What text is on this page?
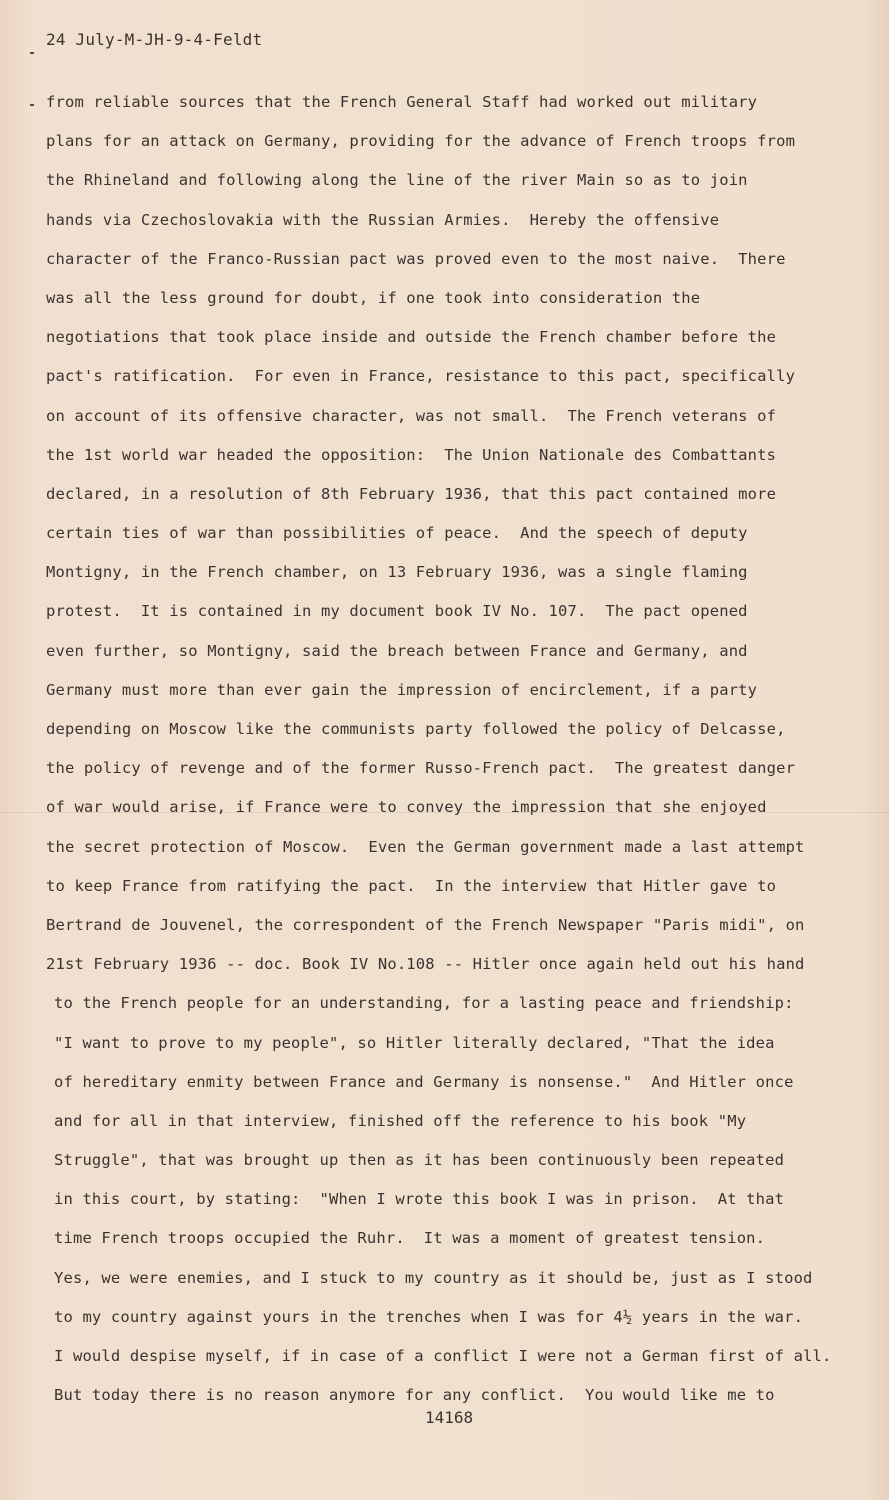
24 July-M-JH-9-4-Feldt
from reliable sources that the French General Staff had worked out military
plans for an attack on Germany, providing for the advance of French troops from
the Rhineland and following along the line of the river Main so as to join
hands via Czechoslovakia with the Russian Armies.  Hereby the offensive
character of the Franco-Russian pact was proved even to the most naive.  There
was all the less ground for doubt, if one took into consideration the
negotiations that took place inside and outside the French chamber before the
pact's ratification.  For even in France, resistance to this pact, specifically
on account of its offensive character, was not small.  The French veterans of
the 1st world war headed the opposition:  The Union Nationale des Combattants
declared, in a resolution of 8th February 1936, that this pact contained more
certain ties of war than possibilities of peace.  And the speech of deputy
Montigny, in the French chamber, on 13 February 1936, was a single flaming
protest.  It is contained in my document book IV No. 107.  The pact opened
even further, so Montigny, said the breach between France and Germany, and
Germany must more than ever gain the impression of encirclement, if a party
depending on Moscow like the communists party followed the policy of Delcasse,
the policy of revenge and of the former Russo-French pact.  The greatest danger
of war would arise, if France were to convey the impression that she enjoyed
the secret protection of Moscow.  Even the German government made a last attempt
to keep France from ratifying the pact.  In the interview that Hitler gave to
Bertrand de Jouvenel, the correspondent of the French Newspaper "Paris midi", on
21st February 1936 -- doc. Book IV No.108 -- Hitler once again held out his hand
to the French people for an understanding, for a lasting peace and friendship:
"I want to prove to my people", so Hitler literally declared, "That the idea
of hereditary enmity between France and Germany is nonsense."  And Hitler once
and for all in that interview, finished off the reference to his book "My
Struggle", that was brought up then as it has been continuously been repeated
in this court, by stating:  "When I wrote this book I was in prison.  At that
time French troops occupied the Ruhr.  It was a moment of greatest tension.
Yes, we were enemies, and I stuck to my country as it should be, just as I stood
to my country against yours in the trenches when I was for 4½ years in the war.
I would despise myself, if in case of a conflict I were not a German first of all.
But today there is no reason anymore for any conflict.  You would like me to
14168
